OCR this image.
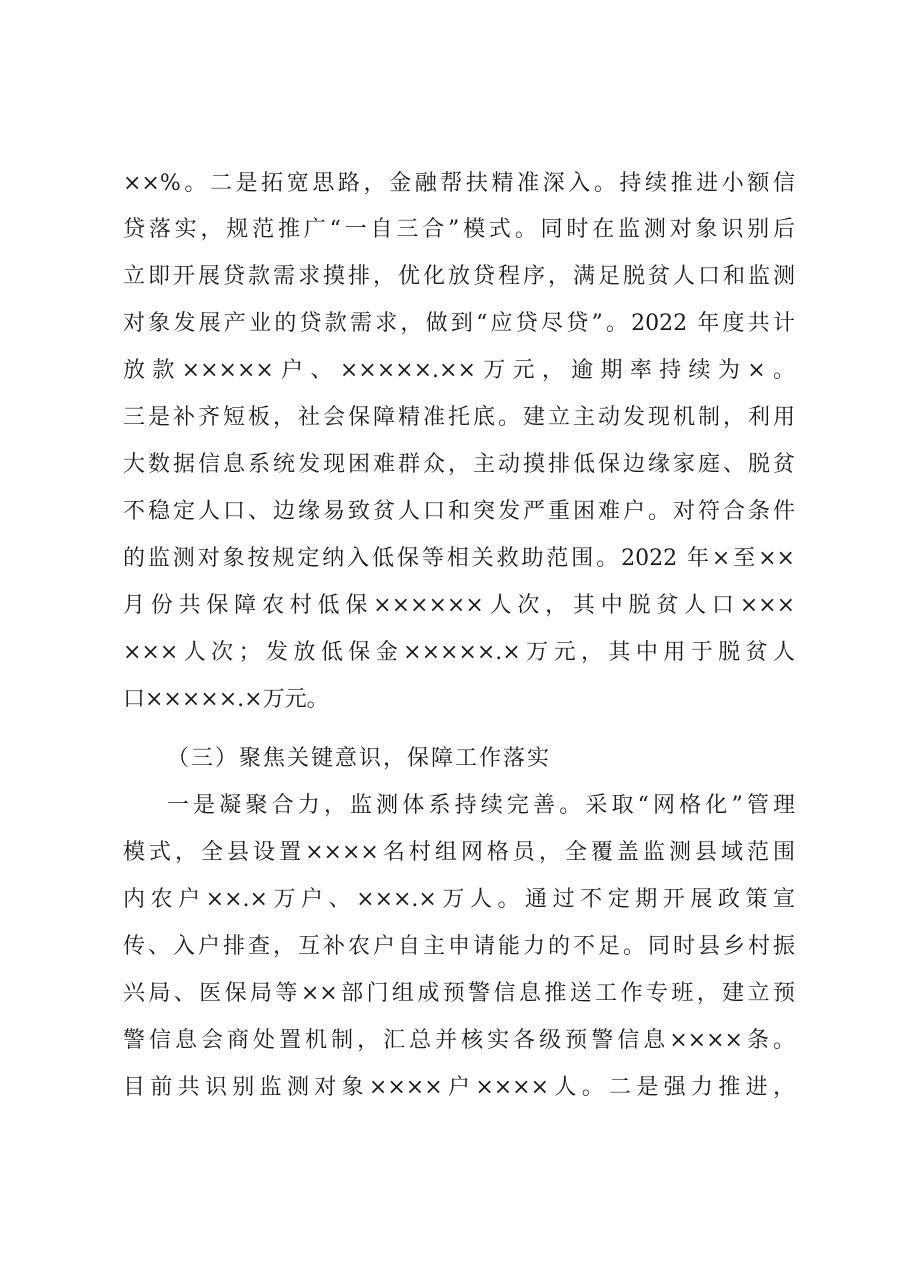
××%。二是拓宽思路，金融帮扶精准深入。持续推进小额信
贷落实，规范推广“一自三合”模式。同时在监测对象识别后
立即开展贷款需求摸排，优化放贷程序，满足脱贫人口和监测
对象发展产业的贷款需求，做到“应贷尽贷”。2022 年度共计
放款×××××户、×××××.××万元，逾期率持续为×。
三是补齐短板，社会保障精准托底。建立主动发现机制，利用
大数据信息系统发现困难群众，主动摸排低保边缘家庭、脱贫
不稳定人口、边缘易致贫人口和突发严重困难户。对符合条件
的监测对象按规定纳入低保等相关救助范围。2022 年×至××
月份共保障农村低保××××××人次，其中脱贫人口×××
×××人次；发放低保金×××××.×万元，其中用于脱贫人
口×××××.×万元。
（三）聚焦关键意识，保障工作落实
一是凝聚合力，监测体系持续完善。采取“网格化”管理
模式，全县设置××××名村组网格员，全覆盖监测县域范围
内农户××.×万户、×××.×万人。通过不定期开展政策宣
传、入户排查，互补农户自主申请能力的不足。同时县乡村振
兴局、医保局等××部门组成预警信息推送工作专班，建立预
警信息会商处置机制，汇总并核实各级预警信息××××条。
目前共识别监测对象××××户××××人。二是强力推进，
